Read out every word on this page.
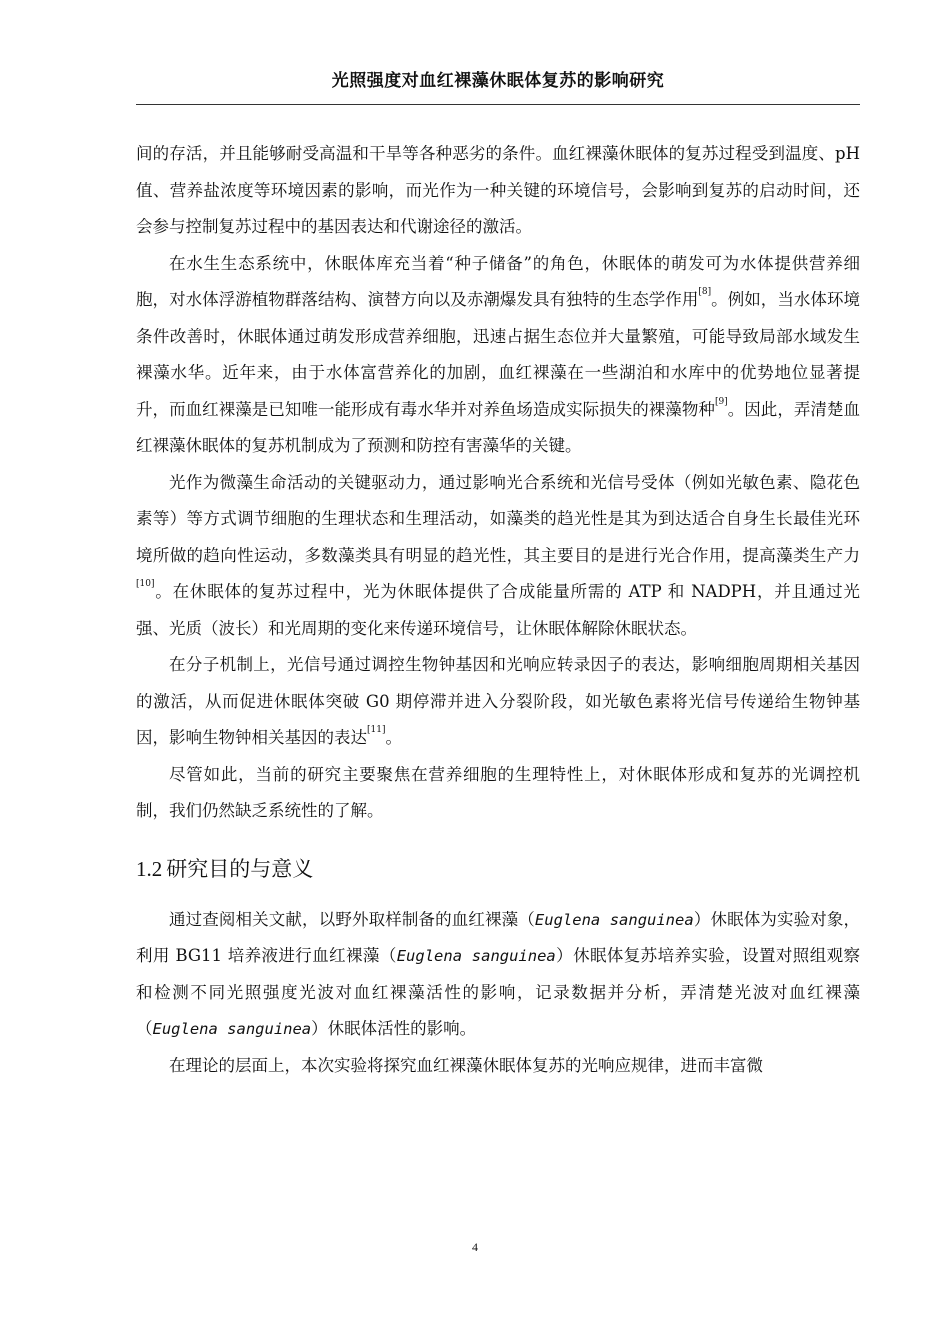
光照强度对血红裸藻休眠体复苏的影响研究

间的存活，并且能够耐受高温和干旱等各种恶劣的条件。血红裸藻休眠体的复苏过程受到温度、pH 值、营养盐浓度等环境因素的影响，而光作为一种关键的环境信号，会影响到复苏的启动时间，还会参与控制复苏过程中的基因表达和代谢途径的激活。

在水生生态系统中，休眠体库充当着“种子储备”的角色，休眠体的萌发可为水体提供营养细胞，对水体浮游植物群落结构、演替方向以及赤潮爆发具有独特的生态学作用[8]。例如，当水体环境条件改善时，休眠体通过萌发形成营养细胞，迅速占据生态位并大量繁殖，可能导致局部水域发生裸藻水华。近年来，由于水体富营养化的加剧，血红裸藻在一些湖泊和水库中的优势地位显著提升，而血红裸藻是已知唯一能形成有毒水华并对养鱼场造成实际损失的裸藻物种[9]。因此，弄清楚血红裸藻休眠体的复苏机制成为了预测和防控有害藻华的关键。

光作为微藻生命活动的关键驱动力，通过影响光合系统和光信号受体（例如光敏色素、隐花色素等）等方式调节细胞的生理状态和生理活动，如藻类的趋光性是其为到达适合自身生长最佳光环境所做的趋向性运动，多数藻类具有明显的趋光性，其主要目的是进行光合作用，提高藻类生产力[10]。在休眠体的复苏过程中，光为休眠体提供了合成能量所需的 ATP 和 NADPH，并且通过光强、光质（波长）和光周期的变化来传递环境信号，让休眠体解除休眠状态。

在分子机制上，光信号通过调控生物钟基因和光响应转录因子的表达，影响细胞周期相关基因的激活，从而促进休眠体突破 G0 期停滞并进入分裂阶段，如光敏色素将光信号传递给生物钟基因，影响生物钟相关基因的表达[11]。

尽管如此，当前的研究主要聚焦在营养细胞的生理特性上，对休眠体形成和复苏的光调控机制，我们仍然缺乏系统性的了解。

1.2 研究目的与意义

通过查阅相关文献，以野外取样制备的血红裸藻（Euglena sanguinea）休眠体为实验对象，利用 BG11 培养液进行血红裸藻（Euglena sanguinea）休眠体复苏培养实验，设置对照组观察和检测不同光照强度光波对血红裸藻活性的影响，记录数据并分析，弄清楚光波对血红裸藻（Euglena sanguinea）休眠体活性的影响。

在理论的层面上，本次实验将探究血红裸藻休眠体复苏的光响应规律，进而丰富微

4
